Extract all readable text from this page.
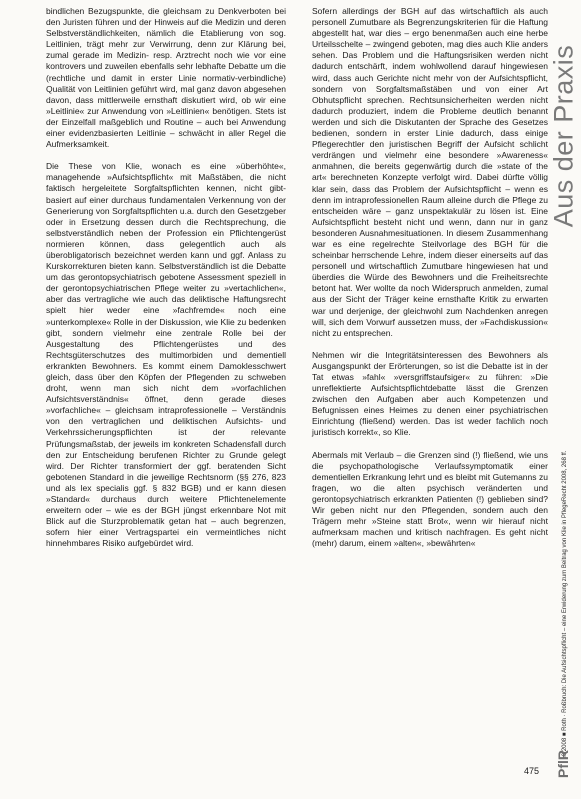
bindlichen Bezugspunkte, die gleichsam zu Denkverboten bei den Juristen führen und der Hinweis auf die Medizin und deren Selbstverständlichkeiten, nämlich die Etablierung von sog. Leitlinien, trägt mehr zur Verwirrung, denn zur Klärung bei, zumal gerade im Medizin- resp. Arztrecht noch wie vor eine kontrovers und zuweilen ebenfalls sehr lebhafte Debatte um die (rechtliche und damit in erster Linie normativ-verbindliche) Qualität von Leitlinien geführt wird, mal ganz davon abgesehen davon, dass mittlerweile ernsthaft diskutiert wird, ob wir eine »Leitlinie« zur Anwendung von »Leitlinien« benötigen. Stets ist der Einzelfall maßgeblich und Routine – auch bei Anwendung einer evidenzbasierten Leitlinie – schwächt in aller Regel die Aufmerksamkeit.

Die These von Klie, wonach es eine »überhöhte«, managehende »Aufsichtspflicht« mit Maßstäben, die nicht faktisch hergeleitete Sorgfaltspflichten kennen, nicht gibt- basiert auf einer durchaus fundamentalen Verkennung von der Generierung von Sorgfaltspflichten u.a. durch den Gesetzgeber oder in Ersetzung dessen durch die Rechtsprechung, die selbstverständlich neben der Profession ein Pflichtengerüst normieren können, dass gelegentlich auch als überobligatorisch bezeichnet werden kann und ggf. Anlass zu Kurskorrekturen bieten kann. Selbstverständlich ist die Debatte um das gerontopsychiatrisch gebotene Assessment speziell in der gerontopsychiatrischen Pflege weiter zu »vertachlichen«, aber das vertragliche wie auch das deliktische Haftungsrecht spielt hier weder eine »fachfremde« noch eine »unterkomplexe« Rolle in der Diskussion, wie Klie zu bedenken gibt, sondern vielmehr eine zentrale Rolle bei der Ausgestaltung des Pflichtengerüstes und des Rechtsgüterschutzes des multimorbiden und dementiell erkrankten Bewohners. Es kommt einem Damoklesschwert gleich, dass über den Köpfen der Pflegenden zu schweben droht, wenn man sich nicht dem »vorfachlichen Aufsichtsverständnis« öffnet, denn gerade dieses »vorfachliche« – gleichsam intraprofessionelle – Verständnis von den vertraglichen und deliktischen Aufsichts- und Verkehrssicherungspflichten ist der relevante Prüfungsmaßstab, der jeweils im konkreten Schadensfall durch den zur Entscheidung berufenen Richter zu Grunde gelegt wird. Der Richter transformiert der ggf. beratenden Sicht gebotenen Standard in die jeweilige Rechtsnorm (§§ 276, 823 und als lex specialis ggf. § 832 BGB) und er kann diesen »Standard« durchaus durch weitere Pflichtenelemente erweitern oder – wie es der BGH jüngst erkennbare Not mit Blick auf die Sturzproblematik getan hat – auch begrenzen, sofern hier einer Vertragspartei ein vermeintliches nicht hinnehmbares Risiko aufgebürdet wird.

Sofern allerdings der BGH auf das wirtschaftlich als auch personell Zumutbare als Begrenzungskriterien für die Haftung abgestellt hat, war dies – ergo benenmaßen auch eine herbe Urteilsschelte – zwingend geboten, mag dies auch Klie anders sehen. Das Problem und die Haftungsrisiken werden nicht dadurch entschärft, indem wohlwollend darauf hingewiesen wird, dass auch Gerichte nicht mehr von der Aufsichtspflicht, sondern von Sorgfaltsmaßstäben und von einer Art Obhutspflicht sprechen. Rechtsunsicherheiten werden nicht dadurch produziert, indem die Probleme deutlich benannt werden und sich die Diskutanten der Sprache des Gesetzes bedienen, sondern in erster Linie dadurch, dass einige Pflegerechtler den juristischen Begriff der Aufsicht schlicht verdrängen und vielmehr eine besondere »Awareness« anmahnen, die bereits gegenwärtig durch die »state of the art« berechneten Konzepte verfolgt wird. Dabei dürfte völlig klar sein, dass das Problem der Aufsichtspflicht – wenn es denn im intraprofessionellen Raum alleine durch die Pflege zu entscheiden wäre – ganz unspektakulär zu lösen ist. Eine Aufsichtspflicht besteht nicht und wenn, dann nur in ganz besonderen Ausnahmesituationen. In diesem Zusammenhang war es eine regelrechte Steilvorlage des BGH für die scheinbar herrschende Lehre, indem dieser einerseits auf das personell und wirtschaftlich Zumutbare hingewiesen hat und überdies die Würde des Bewohners und die Freiheitsrechte betont hat. Wer wollte da noch Widerspruch anmelden, zumal aus der Sicht der Träger keine ernsthafte Kritik zu erwarten war und derjenige, der gleichwohl zum Nachdenken anregen will, sich dem Vorwurf aussetzen muss, der »Fachdiskussion« nicht zu entsprechen.

Nehmen wir die Integritätsinteressen des Bewohners als Ausgangspunkt der Erörterungen, so ist die Debatte ist in der Tat etwas »fahl« »versgriffstaufsiger« zu führen: »Die unreflektierte Aufsichtspflichtdebatte lässt die Grenzen zwischen den Aufgaben aber auch Kompetenzen und Befugnissen eines Heimes zu denen einer psychiatrischen Einrichtung (fließend) werden. Das ist weder fachlich noch juristisch korrekt«, so Klie.

Abermals mit Verlaub – die Grenzen sind (!) fließend, wie uns die psychopathologische Verlaufssymptomatik einer dementiellen Erkrankung lehrt und es bleibt mit Gutemanns zu fragen, wo die alten psychisch veränderten und gerontopsychiatrisch erkrankten Patienten (!) geblieben sind? Wir geben nicht nur den Pflegenden, sondern auch den Trägern mehr »Steine statt Brot«, wenn wir hierauf nicht aufmerksam machen und kritisch nachfragen. Es geht nicht (mehr) darum, einem »alten«, »bewährten«

Aus der Praxis
10/2008 ■ Roth · Roßbruch: Die Aufsichtspflicht – eine Erwiderung zum Beitrag von Klie in PflegeRecht 2008, 268 ff.
PflR
475
